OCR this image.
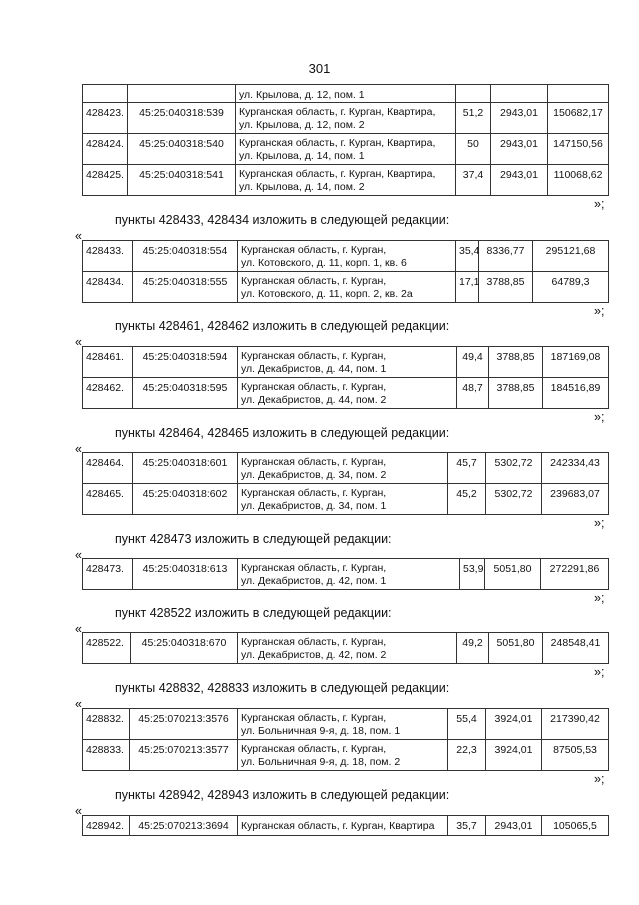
301
		ул. Крылова, д. 12, пом. 1			
428423.	45:25:040318:539	Курганская область, г. Курган, Квартира,
ул. Крылова, д. 12, пом. 2	51,2	2943,01	150682,17
428424.	45:25:040318:540	Курганская область, г. Курган, Квартира,
ул. Крылова, д. 14, пом. 1	50	2943,01	147150,56
428425.	45:25:040318:541	Курганская область, г. Курган, Квартира,
ул. Крылова, д. 14, пом. 2	37,4	2943,01	110068,62
»;
пункты 428433, 428434 изложить в следующей редакции:
«
428433.	45:25:040318:554	Курганская область, г. Курган,
ул. Котовского, д. 11, корп. 1, кв. 6	35,4	8336,77	295121,68
428434.	45:25:040318:555	Курганская область, г. Курган,
ул. Котовского, д. 11, корп. 2, кв. 2а	17,1	3788,85	64789,3
»;
пункты 428461, 428462 изложить в следующей редакции:
«
428461.	45:25:040318:594	Курганская область, г. Курган,
ул. Декабристов, д. 44, пом. 1	49,4	3788,85	187169,08
428462.	45:25:040318:595	Курганская область, г. Курган,
ул. Декабристов, д. 44, пом. 2	48,7	3788,85	184516,89
»;
пункты 428464, 428465 изложить в следующей редакции:
«
428464.	45:25:040318:601	Курганская область, г. Курган,
ул. Декабристов, д. 34, пом. 2	45,7	5302,72	242334,43
428465.	45:25:040318:602	Курганская область, г. Курган,
ул. Декабристов, д. 34, пом. 1	45,2	5302,72	239683,07
»;
пункт 428473 изложить в следующей редакции:
«
428473.	45:25:040318:613	Курганская область, г. Курган,
ул. Декабристов, д. 42, пом. 1	53,9	5051,80	272291,86
»;
пункт 428522 изложить в следующей редакции:
«
428522.	45:25:040318:670	Курганская область, г. Курган,
ул. Декабристов, д. 42, пом. 2	49,2	5051,80	248548,41
»;
пункты 428832, 428833 изложить в следующей редакции:
«
428832.	45:25:070213:3576	Курганская область, г. Курган,
ул. Больничная 9-я, д. 18, пом. 1	55,4	3924,01	217390,42
428833.	45:25:070213:3577	Курганская область, г. Курган,
ул. Больничная 9-я, д. 18, пом. 2	22,3	3924,01	87505,53
»;
пункты 428942, 428943 изложить в следующей редакции:
«
428942.	45:25:070213:3694	Курганская область, г. Курган, Квартира	35,7	2943,01	105065,5
